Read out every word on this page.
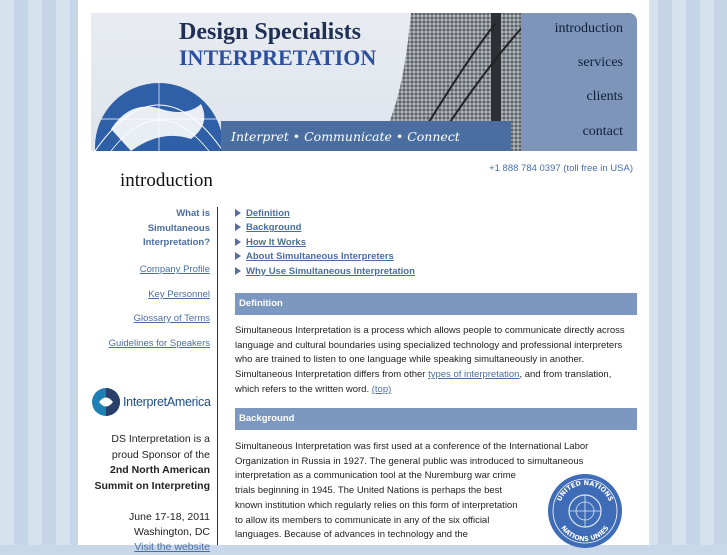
Interpret • Communicate • Connect
Design Specialists
INTERPRETATION
introduction
services
clients
contact
introduction
+1 888 784 0397 (toll free in USA)
What is
Simultaneous
Interpretation?
Company Profile
Key Personnel
Glossary of Terms
Guidelines for Speakers
InterpretAmerica
DS Interpretation is a
proud Sponsor of the
2nd North American
Summit on Interpreting
June 17-18, 2011
Washington, DC
Visit the website
Definition
Background
How It Works
About Simultaneous Interpreters
Why Use Simultaneous Interpretation
Definition
Simultaneous Interpretation is a process which allows people to communicate directly across language and cultural boundaries using specialized technology and professional interpreters who are trained to listen to one language while speaking simultaneously in another. Simultaneous Interpretation differs from other types of interpretation, and from translation, which refers to the written word. (top)
Background
Simultaneous Interpretation was first used at a conference of the International Labor
Organization in Russia in 1927. The general public was introduced to simultaneous
interpretation as a communication tool at the Nuremburg war crime
trials beginning in 1945. The United Nations is perhaps the best
known institution which regularly relies on this form of interpretation
to allow its members to communicate in any of the six official
languages. Because of advances in technology and the
UNITED NATIONS
NATIONS UNIES
